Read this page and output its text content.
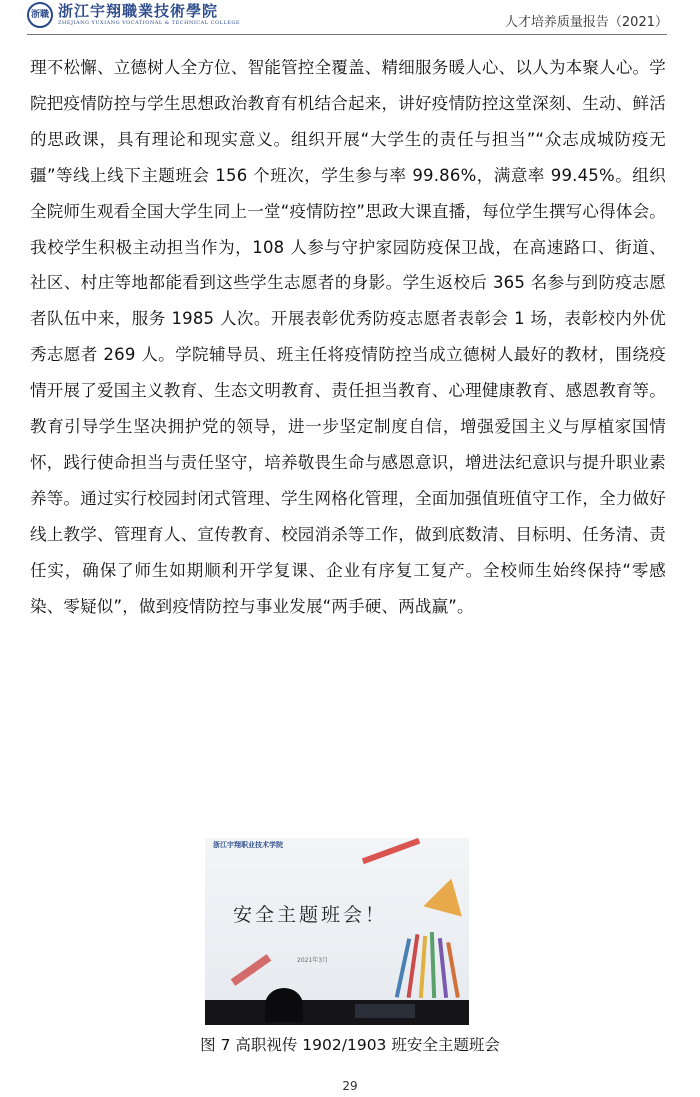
浙職 浙江宇翔職業技術學院
ZHEJIANG YUXIANG VOCATIONAL & TECHNICAL COLLEGE	人才培养质量报告（2021）

理不松懈、立德树人全方位、智能管控全覆盖、精细服务暖人心、以人为本聚人心。学院把疫情防控与学生思想政治教育有机结合起来，讲好疫情防控这堂深刻、生动、鲜活的思政课，具有理论和现实意义。组织开展“大学生的责任与担当”“众志成城防疫无疆”等线上线下主题班会 156 个班次，学生参与率 99.86%，满意率 99.45%。组织全院师生观看全国大学生同上一堂“疫情防控”思政大课直播，每位学生撰写心得体会。我校学生积极主动担当作为，108 人参与守护家园防疫保卫战，在高速路口、街道、社区、村庄等地都能看到这些学生志愿者的身影。学生返校后 365 名参与到防疫志愿者队伍中来，服务 1985 人次。开展表彰优秀防疫志愿者表彰会 1 场，表彰校内外优秀志愿者 269 人。学院辅导员、班主任将疫情防控当成立德树人最好的教材，围绕疫情开展了爱国主义教育、生态文明教育、责任担当教育、心理健康教育、感恩教育等。教育引导学生坚决拥护党的领导，进一步坚定制度自信，增强爱国主义与厚植家国情怀，践行使命担当与责任坚守，培养敬畏生命与感恩意识，增进法纪意识与提升职业素养等。通过实行校园封闭式管理、学生网格化管理，全面加强值班值守工作，全力做好线上教学、管理育人、宣传教育、校园消杀等工作，做到底数清、目标明、任务清、责任实，确保了师生如期顺利开学复课、企业有序复工复产。全校师生始终保持“零感染、零疑似”，做到疫情防控与事业发展“两手硬、两战赢”。

浙江宇翔职业技术学院
安全主题班会！
2021年3月
图 7 高职视传 1902/1903 班安全主题班会
29
